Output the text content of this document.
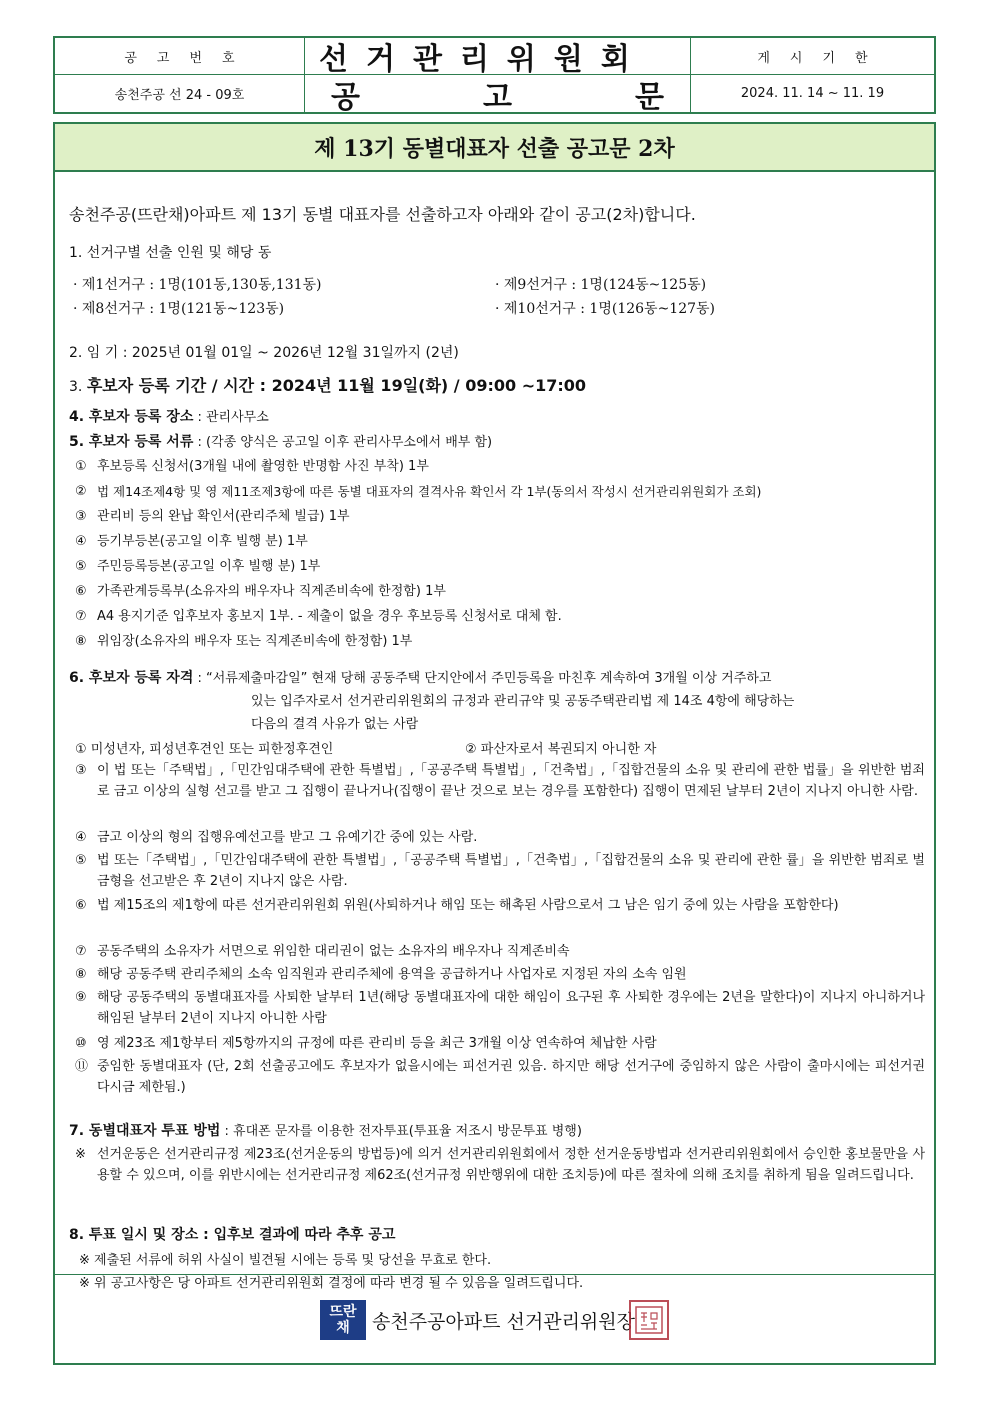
공고번호
송천주공 선 24 - 09호
선거관리위원회
공	고	문
게시기한
2024. 11. 14 ~ 11. 19
제 13기 동별대표자 선출 공고문 2차
송천주공(뜨란채)아파트 제 13기 동별 대표자를 선출하고자 아래와 같이 공고(2차)합니다.
1. 선거구별 선출 인원 및 해당 동
· 제1선거구 : 1명(101동,130동,131동)	· 제9선거구 : 1명(124동~125동)
· 제8선거구 : 1명(121동~123동)	· 제10선거구 : 1명(126동~127동)
2. 임 기 : 2025년 01월 01일 ~ 2026년 12월 31일까지 (2년)
3. 후보자 등록 기간 / 시간 : 2024년 11월 19일(화) / 09:00 ~17:00
4. 후보자 등록 장소 : 관리사무소
5. 후보자 등록 서류 : (각종 양식은 공고일 이후 관리사무소에서 배부 함)
① 후보등록 신청서(3개월 내에 촬영한 반명함 사진 부착) 1부
② 법 제14조제4항 및 영 제11조제3항에 따른 동별 대표자의 결격사유 확인서 각 1부(동의서 작성시 선거관리위원회가 조회)
③ 관리비 등의 완납 확인서(관리주체 빌급) 1부
④ 등기부등본(공고일 이후 빌행 분) 1부
⑤ 주민등록등본(공고일 이후 빌행 분) 1부
⑥ 가족관계등록부(소유자의 배우자나 직계존비속에 한정함) 1부
⑦ A4 용지기준 입후보자 홍보지 1부. - 제출이 없을 경우 후보등록 신청서로 대체 함.
⑧ 위임장(소유자의 배우자 또는 직계존비속에 한정함) 1부
6. 후보자 등록 자격 : “서류제출마감일” 현재 당해 공동주택 단지안에서 주민등록을 마친후 계속하여 3개월 이상 거주하고
있는 입주자로서 선거관리위원회의 규정과 관리규약 및 공동주택관리법 제 14조 4항에 해당하는
다음의 결격 사유가 없는 사람
① 미성년자, 피성년후견인 또는 피한정후견인	② 파산자로서 복권되지 아니한 자
③ 이 법 또는「주택법」,「민간임대주택에 관한 특별법」,「공공주택 특별법」,「건축법」,「집합건물의 소유 및 관리에 관한 법률」을 위반한 범죄로 금고 이상의 실형 선고를 받고 그 집행이 끝나거나(집행이 끝난 것으로 보는 경우를 포함한다) 집행이 면제된 날부터 2년이 지나지 아니한 사람.
④ 금고 이상의 형의 집행유예선고를 받고 그 유예기간 중에 있는 사람.
⑤ 법 또는「주택법」,「민간임대주택에 관한 특별법」,「공공주택 특별법」,「건축법」,「집합건물의 소유 및 관리에 관한 률」을 위반한 범죄로 벌금형을 선고받은 후 2년이 지나지 않은 사람.
⑥ 법 제15조의 제1항에 따른 선거관리위원회 위원(사퇴하거나 해임 또는 해촉된 사람으로서 그 남은 임기 중에 있는 사람을 포함한다)
⑦ 공동주택의 소유자가 서면으로 위임한 대리권이 없는 소유자의 배우자나 직계존비속
⑧ 해당 공동주택 관리주체의 소속 임직원과 관리주체에 용역을 공급하거나 사업자로 지정된 자의 소속 임원
⑨ 해당 공동주택의 동별대표자를 사퇴한 날부터 1년(해당 동별대표자에 대한 해임이 요구된 후 사퇴한 경우에는 2년을 말한다)이 지나지 아니하거나 해임된 날부터 2년이 지나지 아니한 사람
⑩ 영 제23조 제1항부터 제5항까지의 규정에 따른 관리비 등을 최근 3개월 이상 연속하여 체납한 사람
⑪ 중임한 동별대표자 (단, 2회 선출공고에도 후보자가 없을시에는 피선거권 있음. 하지만 해당 선거구에 중임하지 않은 사람이 출마시에는 피선거권 다시금 제한됨.)
7. 동별대표자 투표 방법 : 휴대폰 문자를 이용한 전자투표(투표율 저조시 방문투표 병행)
※ 선거운동은 선거관리규정 제23조(선거운동의 방법등)에 의거 선거관리위원회에서 정한 선거운동방법과 선거관리위원회에서 승인한 홍보물만을 사용할 수 있으며, 이를 위반시에는 선거관리규정 제62조(선거규정 위반행위에 대한 조치등)에 따른 절차에 의해 조치를 취하게 됨을 일려드립니다.
8. 투표 일시 및 장소 : 입후보 결과에 따라 추후 공고
※ 제출된 서류에 허위 사실이 빌견될 시에는 등록 및 당선을 무효로 한다.
※ 위 공고사항은 당 아파트 선거관리위원회 결정에 따라 변경 될 수 있음을 일려드립니다.
뜨란
채 송천주공아파트 선거관리위원장
